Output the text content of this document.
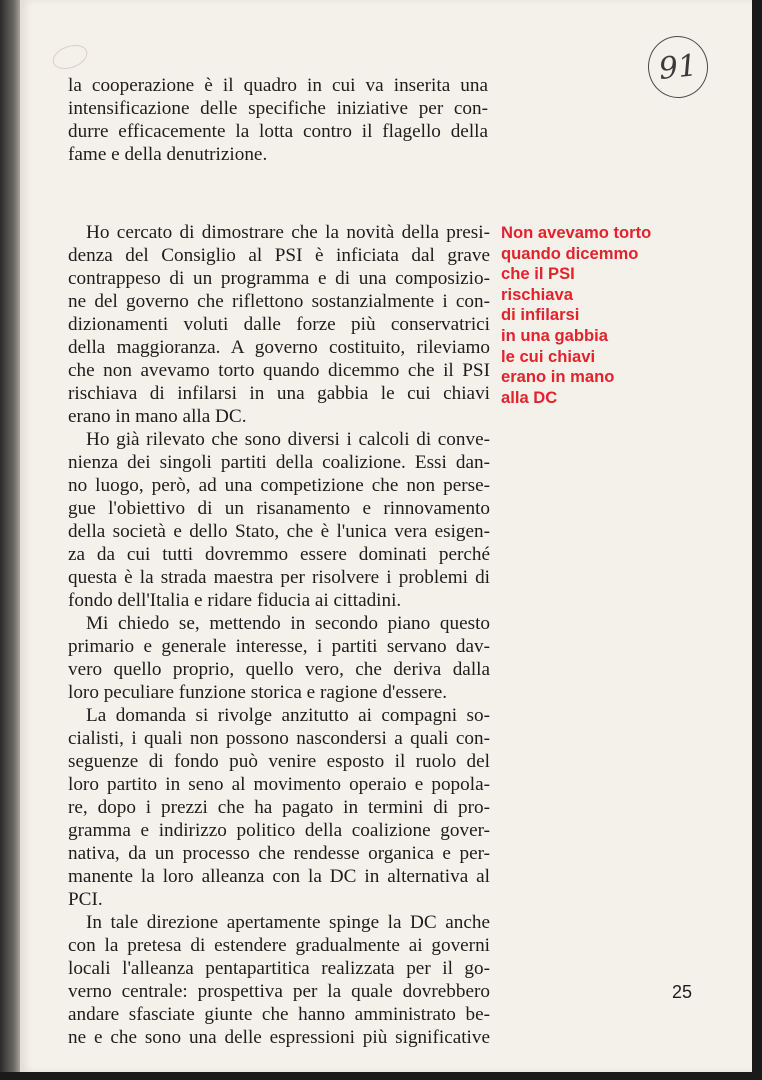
91
la cooperazione è il quadro in cui va inserita una
intensificazione delle specifiche iniziative per con-
durre efficacemente la lotta contro il flagello della
fame e della denutrizione.
Ho cercato di dimostrare che la novità della presi-
denza del Consiglio al PSI è inficiata dal grave
contrappeso di un programma e di una composizio-
ne del governo che riflettono sostanzialmente i con-
dizionamenti voluti dalle forze più conservatrici
della maggioranza. A governo costituito, rileviamo
che non avevamo torto quando dicemmo che il PSI
rischiava di infilarsi in una gabbia le cui chiavi
erano in mano alla DC.
Ho già rilevato che sono diversi i calcoli di conve-
nienza dei singoli partiti della coalizione. Essi dan-
no luogo, però, ad una competizione che non perse-
gue l'obiettivo di un risanamento e rinnovamento
della società e dello Stato, che è l'unica vera esigen-
za da cui tutti dovremmo essere dominati perché
questa è la strada maestra per risolvere i problemi di
fondo dell'Italia e ridare fiducia ai cittadini.
Mi chiedo se, mettendo in secondo piano questo
primario e generale interesse, i partiti servano dav-
vero quello proprio, quello vero, che deriva dalla
loro peculiare funzione storica e ragione d'essere.
La domanda si rivolge anzitutto ai compagni so-
cialisti, i quali non possono nascondersi a quali con-
seguenze di fondo può venire esposto il ruolo del
loro partito in seno al movimento operaio e popola-
re, dopo i prezzi che ha pagato in termini di pro-
gramma e indirizzo politico della coalizione gover-
nativa, da un processo che rendesse organica e per-
manente la loro alleanza con la DC in alternativa al
PCI.
In tale direzione apertamente spinge la DC anche
con la pretesa di estendere gradualmente ai governi
locali l'alleanza pentapartitica realizzata per il go-
verno centrale: prospettiva per la quale dovrebbero
andare sfasciate giunte che hanno amministrato be-
ne e che sono una delle espressioni più significative
Non avevamo torto
quando dicemmo
che il PSI
rischiava
di infilarsi
in una gabbia
le cui chiavi
erano in mano
alla DC
25
